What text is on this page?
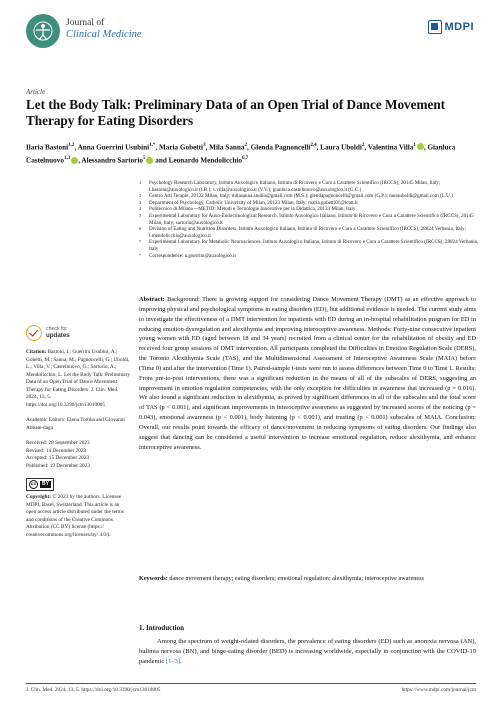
Journal of
Clinical Medicine
MDPI
Article
Let the Body Talk: Preliminary Data of an Open Trial of Dance Movement Therapy for Eating Disorders
Ilaria Bastoni$^{1,2}$, Anna Guerrini Usubini$^{1,*}$, Maria Gobetti$^3$, Mila Sanna$^2$, Glenda Pagnoncelli$^{2,4}$, Laura Uboldi$^2$, Valentina Villa$^1$ , Gianluca Castelnuovo$^{1,3}$ , Alessandro Sartorio$^5$ and Leonardo Mendolicchio$^{6,7}$
1	Psychology Research Laboratory, Istituto Auxologico Italiano, Istituto di Ricovero e Cura a Carattere Scientifico (IRCCS), 20145 Milan, Italy; i.bastoni@auxologico.it (I.B.); v.villa@auxologico.it (V.V.); gianluca.castelnuovo@auxologico.it (G.C.)
2	Centro Arti Terapie, 20122 Milan, Italy; milasanna.studio@gmail.com (M.S.); glendapagnoncelli@gmail.com (G.P.); laurauboldi@gmail.com (L.U.)
3	Department of Psychology, Catholic University of Milan, 20123 Milan, Italy; maria.gobetti01@icatt.it
4	Politecnico di Milano—METID: Metodi e Tecnologie Innovative per la Didattica, 20133 Milan, Italy
5	Experimental Laboratory for Auxo-Endocrinological Research, Istituto Auxologico Italiano, Istituto di Ricovero e Cura a Carattere Scientifico (IRCCS), 20145 Milan, Italy; sartorio@auxologico.it
6	Division of Eating and Nutrition Disorders, Istituto Auxologico Italiano, Istituto di Ricovero e Cura a Carattere Scientifico (IRCCS), 28824 Verbania, Italy; l.mendolicchio@auxologico.it
7	Experimental Laboratory for Metabolic Neurosciences, Istituto Auxologico Italiano, Istituto di Ricovero e Cura a Carattere Scientifico (IRCCS), 28824 Verbania, Italy
*	Correspondence: a.guerrini@auxologico.it
check for
updates
Citation: Bastoni, I.; Guerrini Usubini, A.; Gobetti, M.; Sanna, M.; Pagnoncelli, G.; Uboldi, L.; Villa, V.; Castelnuovo, G.; Sartorio, A.; Mendolicchio, L. Let the Body Talk: Preliminary Data of an Open Trial of Dance Movement Therapy for Eating Disorders. J. Clin. Med. 2024, 13, 5. https://doi.org/10.3390/jcm13010005
Academic Editors: Elena Tomba and Giovanni Abbate-daga
Received: 28 September 2023
Revised: 14 December 2023
Accepted: 15 December 2023
Published: 19 December 2023
cc	BY
Copyright: © 2023 by the authors. Licensee MDPI, Basel, Switzerland. This article is an open access article distributed under the terms and conditions of the Creative Commons Attribution (CC BY) license (https:// creativecommons.org/licenses/by/ 4.0/).
Abstract: Background: There is growing support for considering Dance Movement Therapy (DMT) as an effective approach to improving physical and psychological symptoms in eating disorders (ED), but additional evidence is needed. The current study aims to investigate the effectiveness of a DMT intervention for inpatients with ED during an in-hospital rehabilitation program for ED in reducing emotion dysregulation and alexithymia and improving interoceptive awareness. Methods: Forty-nine consecutive inpatient young women with ED (aged between 18 and 34 years) recruited from a clinical center for the rehabilitation of obesity and ED received four group sessions of DMT intervention. All participants completed the Difficulties in Emotion Regulation Scale (DERS), the Toronto Alexithymia Scale (TAS), and the Multidimensional Assessment of Interoceptive Awareness Scale (MAIA) before (Time 0) and after the intervention (Time 1). Paired-sample t-tests were run to assess differences between Time 0 to Time 1. Results: From pre-to-post interventions, there was a significant reduction in the means of all of the subscales of DERS, suggesting an improvement in emotion regulation competencies, with the only exception for difficulties in awareness that increased (p = 0.016). We also found a significant reduction in alexithymia, as proved by significant differences in all of the subscales and the total score of TAS (p < 0.001), and significant improvements in interoceptive awareness as suggested by increased scores of the noticing (p = 0.043), emotional awareness (p < 0.001), body listening (p < 0.001), and trusting (p < 0.001) subscales of MAIA. Conclusion: Overall, our results point towards the efficacy of dance/movement in reducing symptoms of eating disorders. Our findings also suggest that dancing can be considered a useful intervention to increase emotional regulation, reduce alexithymia, and enhance interoceptive awareness.
Keywords: dance movement therapy; eating disorders; emotional regulation; alexithymia; interoceptive awareness
1. Introduction

Among the spectrum of weight-related disorders, the prevalence of eating disorders (ED) such as anorexia nervosa (AN), bulimia nervosa (BN), and binge-eating disorder (BED) is increasing worldwide, especially in conjunction with the COVID-19 pandemic [1–3].

J. Clin. Med. 2024, 13, 5. https://doi.org/10.3390/jcm13010005	https://www.mdpi.com/journal/jcm
